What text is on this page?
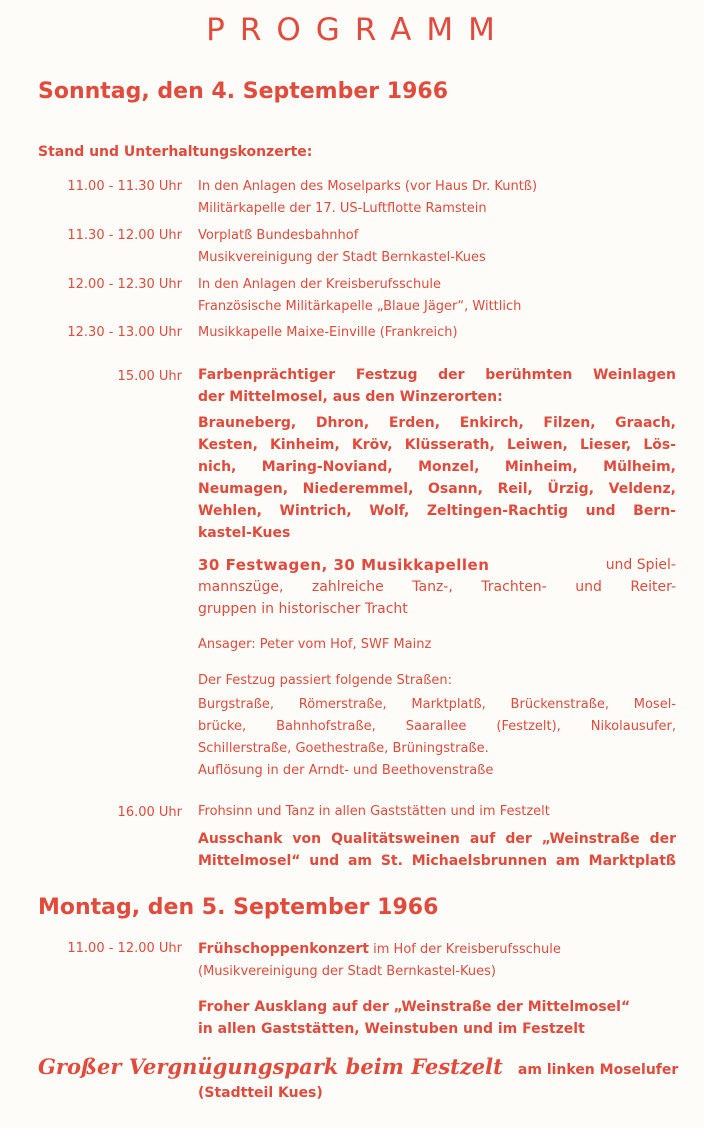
PROGRAMM
Sonntag, den 4. September 1966
Stand und Unterhaltungskonzerte:
11.00 - 11.30 Uhr In den Anlagen des Moselparks (vor Haus Dr. Kuntß)
Militärkapelle der 17. US-Luftflotte Ramstein
11.30 - 12.00 Uhr Vorplatß Bundesbahnhof
Musikvereinigung der Stadt Bernkastel-Kues
12.00 - 12.30 Uhr In den Anlagen der Kreisberufsschule
Französische Militärkapelle „Blaue Jäger“, Wittlich
12.30 - 13.00 Uhr Musikkapelle Maixe-Einville (Frankreich)
15.00 Uhr Farbenprächtiger Festzug der berühmten Weinlagen
der Mittelmosel, aus den Winzerorten:
Brauneberg, Dhron, Erden, Enkirch, Filzen, Graach,
Kesten, Kinheim, Kröv, Klüsserath, Leiwen, Lieser, Lös-
nich, Maring-Noviand, Monzel, Minheim, Mülheim,
Neumagen, Niederemmel, Osann, Reil, Ürzig, Veldenz,
Wehlen, Wintrich, Wolf, Zeltingen-Rachtig und Bern-
kastel-Kues
30 Festwagen, 30 Musikkapellen	und Spiel-
mannszüge, zahlreiche Tanz-, Trachten- und Reiter-
gruppen in historischer Tracht
Ansager: Peter vom Hof, SWF Mainz
Der Festzug passiert folgende Straßen:
Burgstraße, Römerstraße, Marktplatß, Brückenstraße, Mosel-
brücke, Bahnhofstraße, Saarallee (Festzelt), Nikolausufer,
Schillerstraße, Goethestraße, Brüningstraße.
Auflösung in der Arndt- und Beethovenstraße
16.00 Uhr Frohsinn und Tanz in allen Gaststätten und im Festzelt
Ausschank von Qualitätsweinen auf der „Weinstraße der
Mittelmosel“ und am St. Michaelsbrunnen am Marktplatß
Montag, den 5. September 1966
11.00 - 12.00 Uhr Frühschoppenkonzert im Hof der Kreisberufsschule
(Musikvereinigung der Stadt Bernkastel-Kues)
Froher Ausklang auf der „Weinstraße der Mittelmosel“
in allen Gaststätten, Weinstuben und im Festzelt
Großer Vergnügungspark beim Festzelt am linken Moselufer
(Stadtteil Kues)
